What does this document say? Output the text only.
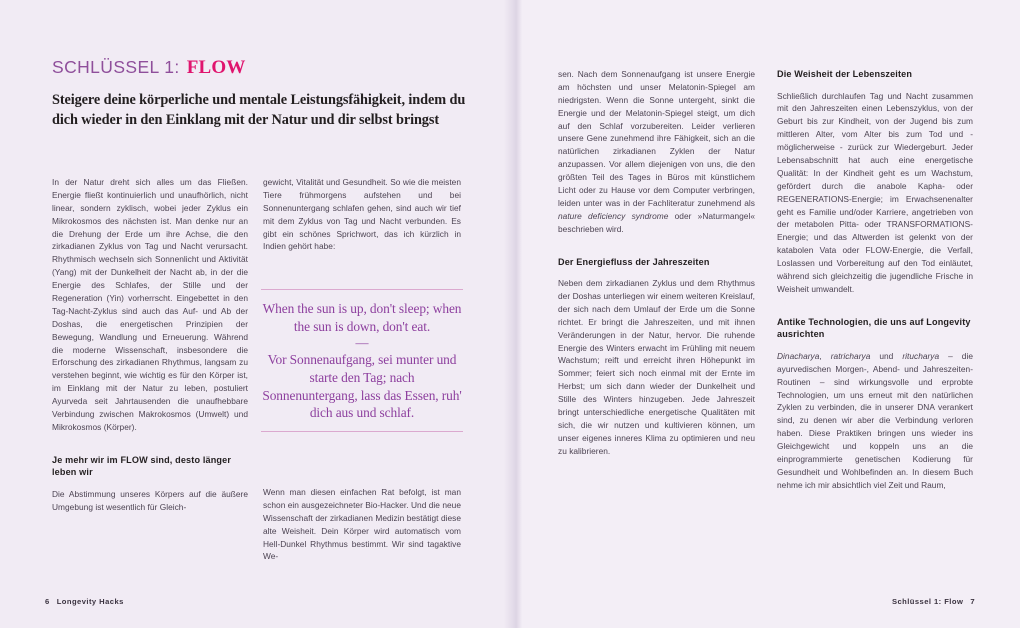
SCHLÜSSEL 1: FLOW
Steigere deine körperliche und mentale Leistungsfähigkeit, indem du dich wieder in den Einklang mit der Natur und dir selbst bringst

In der Natur dreht sich alles um das Fließen. Energie fließt kontinuierlich und unaufhörlich, nicht linear, sondern zyklisch, wobei jeder Zyklus ein Mikrokosmos des nächsten ist. Man denke nur an die Drehung der Erde um ihre Achse, die den zirkadianen Zyklus von Tag und Nacht verursacht. Rhythmisch wechseln sich Sonnenlicht und Aktivität (Yang) mit der Dunkelheit der Nacht ab, in der die Energie des Schlafes, der Stille und der Regeneration (Yin) vorherrscht. Eingebettet in den Tag-Nacht-Zyklus sind auch das Auf- und Ab der Doshas, die energetischen Prinzipien der Bewegung, Wandlung und Erneuerung. Während die moderne Wissenschaft, insbesondere die Erforschung des zirkadianen Rhythmus, langsam zu verstehen beginnt, wie wichtig es für den Körper ist, im Einklang mit der Natur zu leben, postuliert Ayurveda seit Jahrtausenden die unaufhebbare Verbindung zwischen Makrokosmos (Umwelt) und Mikrokosmos (Körper).

Je mehr wir im FLOW sind, desto länger leben wir

Die Abstimmung unseres Körpers auf die äußere Umgebung ist wesentlich für Gleich-

gewicht, Vitalität und Gesundheit. So wie die meisten Tiere frühmorgens aufstehen und bei Sonnenuntergang schlafen gehen, sind auch wir tief mit dem Zyklus von Tag und Nacht verbunden. Es gibt ein schönes Sprichwort, das ich kürzlich in Indien gehört habe:

When the sun is up, don't sleep; when the sun is down, don't eat.
—
Vor Sonnenaufgang, sei munter und starte den Tag; nach Sonnenuntergang, lass das Essen, ruh' dich aus und schlaf.

Wenn man diesen einfachen Rat befolgt, ist man schon ein ausgezeichneter Bio-Hacker. Und die neue Wissenschaft der zirkadianen Medizin bestätigt diese alte Weisheit. Dein Körper wird automatisch vom Hell-Dunkel Rhythmus bestimmt. Wir sind tagaktive We-

6 Longevity Hacks

sen. Nach dem Sonnenaufgang ist unsere Energie am höchsten und unser Melatonin-Spiegel am niedrigsten. Wenn die Sonne untergeht, sinkt die Energie und der Melatonin-Spiegel steigt, um dich auf den Schlaf vorzubereiten. Leider verlieren unsere Gene zunehmend ihre Fähigkeit, sich an die natürlichen zirkadianen Zyklen der Natur anzupassen. Vor allem diejenigen von uns, die den größten Teil des Tages in Büros mit künstlichem Licht oder zu Hause vor dem Computer verbringen, leiden unter was in der Fachliteratur zunehmend als nature deficiency syndrome oder »Naturmangel« beschrieben wird.

Der Energiefluss der Jahreszeiten

Neben dem zirkadianen Zyklus und dem Rhythmus der Doshas unterliegen wir einem weiteren Kreislauf, der sich nach dem Umlauf der Erde um die Sonne richtet. Er bringt die Jahreszeiten, und mit ihnen Veränderungen in der Natur, hervor. Die ruhende Energie des Winters erwacht im Frühling mit neuem Wachstum; reift und erreicht ihren Höhepunkt im Sommer; feiert sich noch einmal mit der Ernte im Herbst; um sich dann wieder der Dunkelheit und Stille des Winters hinzugeben. Jede Jahreszeit bringt unterschiedliche energetische Qualitäten mit sich, die wir nutzen und kultivieren können, um unser eigenes inneres Klima zu optimieren und neu zu kalibrieren.

Die Weisheit der Lebenszeiten

Schließlich durchlaufen Tag und Nacht zusammen mit den Jahreszeiten einen Lebenszyklus, von der Geburt bis zur Kindheit, von der Jugend bis zum mittleren Alter, vom Alter bis zum Tod und - möglicherweise - zurück zur Wiedergeburt. Jeder Lebensabschnitt hat auch eine energetische Qualität: In der Kindheit geht es um Wachstum, gefördert durch die anabole Kapha- oder REGENERATIONS-Energie; im Erwachsenenalter geht es Familie und/oder Karriere, angetrieben von der metabolen Pitta- oder TRANSFORMATIONS-Energie; und das Altwerden ist gelenkt von der katabolen Vata oder FLOW-Energie, die Verfall, Loslassen und Vorbereitung auf den Tod einläutet, während sich gleichzeitig die jugendliche Frische in Weisheit umwandelt.

Antike Technologien, die uns auf Longevity ausrichten

Dinacharya, ratricharya und ritucharya – die ayurvedischen Morgen-, Abend- und Jahreszeiten-Routinen – sind wirkungsvolle und erprobte Technologien, um uns erneut mit den natürlichen Zyklen zu verbinden, die in unserer DNA verankert sind, zu denen wir aber die Verbindung verloren haben. Diese Praktiken bringen uns wieder ins Gleichgewicht und koppeln uns an die einprogrammierte genetischen Kodierung für Gesundheit und Wohlbefinden an. In diesem Buch nehme ich mir absichtlich viel Zeit und Raum,

Schlüssel 1: Flow 7
